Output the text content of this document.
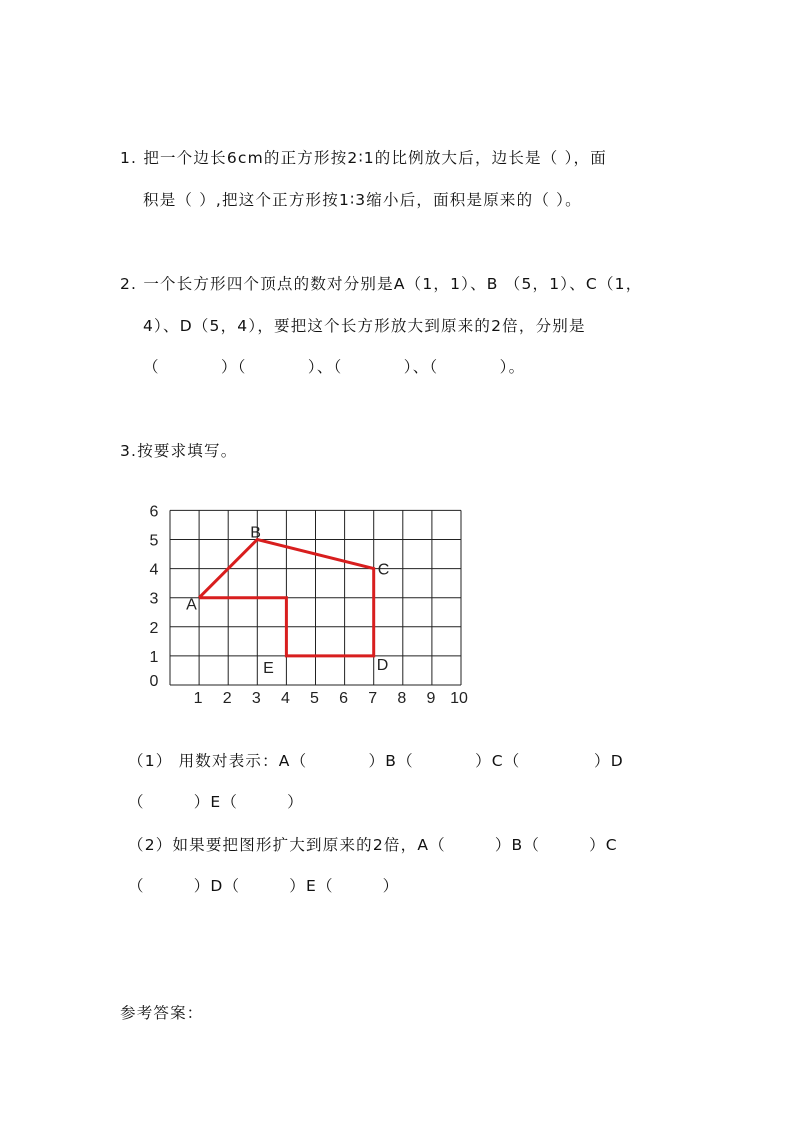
1. 把一个边长6cm的正方形按2∶1的比例放大后，边长是（ ），面
积是（ ）,把这个正方形按1∶3缩小后，面积是原来的（ ）。
2. 一个长方形四个顶点的数对分别是A（1，1）、B （5，1）、C（1，
4）、D（5，4），要把这个长方形放大到原来的2倍，分别是
（          ）（          ）、（          ）、（          ）。
3.按要求填写。
1 2 3 4 5 6 7 8 9 10
0
1
2
3
4
5
6
A
B
C
D
E
（1） 用数对表示：A（          ）B（          ）C（            ）D
（        ）E（        ）
（2）如果要把图形扩大到原来的2倍，A（        ）B（        ）C
（        ）D（        ）E（        ）
参考答案：
